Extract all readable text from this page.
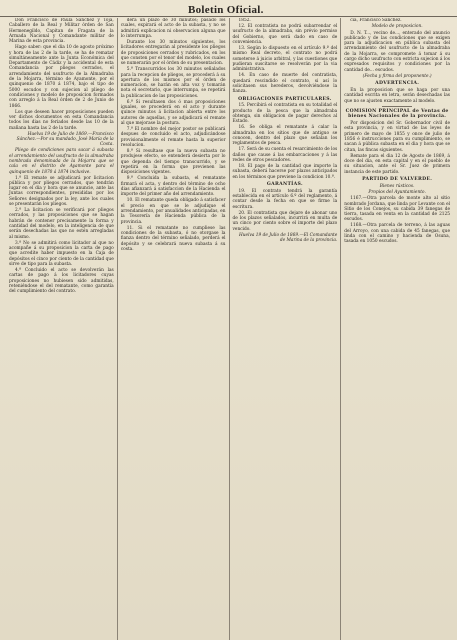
Boletin Oficial.

Don Francisco de Paula Sánchez y Toja, Caballero de la Real y Militar órden de San Hermenegildo, Capitan de Fragata de la Armada Nacional y Comandante militar de Marina de esta provincia.

Hago saber: que el dia 10 de agosto próximo y hora de las 2 de la tarde, se ha de rematar simultáneamente ante la Junta Económica del Departamento de Cádiz y la accidental de esta Comandancia por pliegos cerrados, el arrendamiento del usufructo de la Almadraba de la Mojarra, término de Ayamonte, por el quinquenio de 1870 á 1874, bajo el tipo de 5000 escudos y con sujecion al pliego de condiciones y modelo de proposicion formados con arreglo á la Real órden de 2 de Junio de 1866.

Los que deseen hacer proposiciones pueden ver dichos documentos en esta Comandancia todos los dias no feriados desde las 10 de la mañana hasta las 2 de la tarde.

Huelva 19 de Julio de 1869.—Francisco Sánchez.—Por su mandado, José María de la Costa.

Pliego de condiciones para sacar á subasta el arrendamiento del usufructo de la almadraba nombrada denominada de la Mojarra que se cala en el distrito de Ayamonte para el quinquenio de 1870 á 1874 inclusive.

1.ª El remate se adjudicará por licitacion pública y por pliegos cerrados, que tendrán lugar en el dia y hora que se anuncie, ante las Juntas correspondientes, presididas por los Señores designados por la ley, ante los cuales se presentarán los pliegos.

2.ª La licitacion se verificará por pliegos cerrados, y las proposiciones que se hagan habrán de contener precisamente la forma y cantidad del modelo, en la inteligencia de que serán desechadas las que no estén arregladas al mismo.

3.ª No se admitirá como licitador al que no acompañe á su proposicion la carta de pago que acredite haber impuesto en la Caja de depósitos el cinco por ciento de la cantidad que sirve de tipo para la subasta.

4.ª Concluido el acto se devolverán las cartas de pago á los licitadores cuyas proposiciones no hubiesen sido admitidas, reteniéndose el del rematante, como garantía del cumplimiento del contrato.

dera un plazo de 30 minutos; pasado los cuales, expirará el acto de la subasta, y no se admitirá explicacion ni observacion alguna que lo interrumpa.

Durante los 30 minutos siguientes, los licitadores entregarán al presidente los pliegos de proposiciones cerrados y rubricados, en los que consten por el tenor del modelo, los cuales se numerarán por el órden de su presentacion.

5.ª Transcurridos los 30 minutos señalados para la recepcion de pliegos, se procederá á su apertura de los mismos por el órden de numeracion, se harán en alta voz y tomarán nota el secretario, que interrumpa, se repetirá la publicacion de las proposiciones.

6.ª Si resultasen dos ó mas proposiciones iguales, se procederá en el acto y durante quince minutos á licitacion abierta entre los autores de aquellas, y se adjudicará el remate al que mejorase la postura.

7.ª El nombre del mejor postor se publicará despues de concluido el acto, adjudicándose provisionalmente el remate hasta la superior resolucion.

8.ª Si resultase que la nueva subasta no produjese efecto, se entenderá desierta por lo que dependa del tiempo transcurrido, y se repetirá en la forma que previenen las disposiciones vigentes.

9.ª Concluida la subasta, el rematante firmará el acta, y dentro del término de ocho dias afianzará á satisfaccion de la Hacienda el importe del primer año del arrendamiento.

10. El rematante queda obligado á satisfacer el precio en que se le adjudique el arrendamiento, por anualidades anticipadas, en la Tesorería de Hacienda pública de la provincia.

11. Si el rematante no cumpliese las condiciones de la subasta, ó no otorgase la fianza dentro del término señalado, perderá el depósito y se celebrará nueva subasta á su costa.

1852.

12. El contratista no podrá subarrendar el usufructo de la almadraba, sin prévio permiso del Gobierno, que será dado en caso de conveniencia.

13. Según lo dispuesto en el artículo 9.º del mismo Real decreto, el contrato no podrá someterse á juicio arbitral, y las cuestiones que pudieran suscitarse se resolverán por la via administrativa.

14. En caso de muerte del contratista, quedará rescindido el contrato, si así lo solicitasen sus herederos, devolviéndose la fianza.

OBLIGACIONES PARTICULARES.

15. Percibirá el contratista en su totalidad el producto de la pesca que la almadraba obtenga, sin obligacion de pagar derechos al Estado.

16. Se obliga el rematante á calar la almadraba en los sitios que de antiguo se conocen, dentro del plazo que señalan los reglamentos de pesca.

17. Será de su cuenta el resarcimiento de los daños que cause á las embarcaciones y á las redes de otros pescadores.

18. El pago de la cantidad que importe la subasta, deberá hacerse por plazos anticipados en los términos que previene la condicion 10.ª.

GARANTÍAS.

19. El contrato tendrá la garantía establecida en el artículo 6.º del reglamento, á contar desde la fecha en que se firme la escritura.

20. El contratista que dejare de abonar uno de los plazos señalados, incurrirá en multa de un cinco por ciento sobre el importe del plazo vencido.

Huelva 19 de Julio de 1869.—El Comandante de Marina de la provincia.

cia, Francisco Sánchez.

Modelo de proposicion.

D. N. T..., vecino de..., enterado del anuncio publicado y de las condiciones que se exigen para la adjudicacion en pública subasta del arrendamiento del usufructo de la almadraba de la Mojarra, se compromete á tomar á su cargo dicho usufructo con estricta sujecion á los expresados requisitos y condiciones por la cantidad de... escudos.

(Fecha y firma del proponente.)

ADVERTENCIA.

En la proposicion que se haga por una cantidad escrita en letra, serán desechadas las que no se ajusten exactamente al modelo.

COMISION PRINCIPAL de Ventas de bienes Nacionales de la provincia.

Por disposicion del Sr. Gobernador civil de esta provincia, y en virtud de las leyes de primero de mayo de 1855 y once de julio de 1856 é instrucciones para su cumplimiento, se sacan á pública subasta en el dia y hora que se citan, las fincas siguientes.

Remate para el dia 12 de Agosto de 1869, á doce del dia, en esta capital y en el pueblo de su situacion, ante el Sr. Juez de primera instancia de este partido.

PARTIDO DE VALVERDE.

Bienes rústicos.

Propios del Ayuntamiento.

1167.—Otra parcela de monte alto al sitio nombrado Jordana, que linda por Levante con el Sitio de los Conejos, su cabida 39 fanegas de tierra, tasada en venta en la cantidad de 2125 escudos.

1168.—Otra parcela de terreno, á las aguas del Arroyo, con una cabida de 45 fanegas, que linda con el camino y hacienda de Osuna, tasada en 1050 escudos.
